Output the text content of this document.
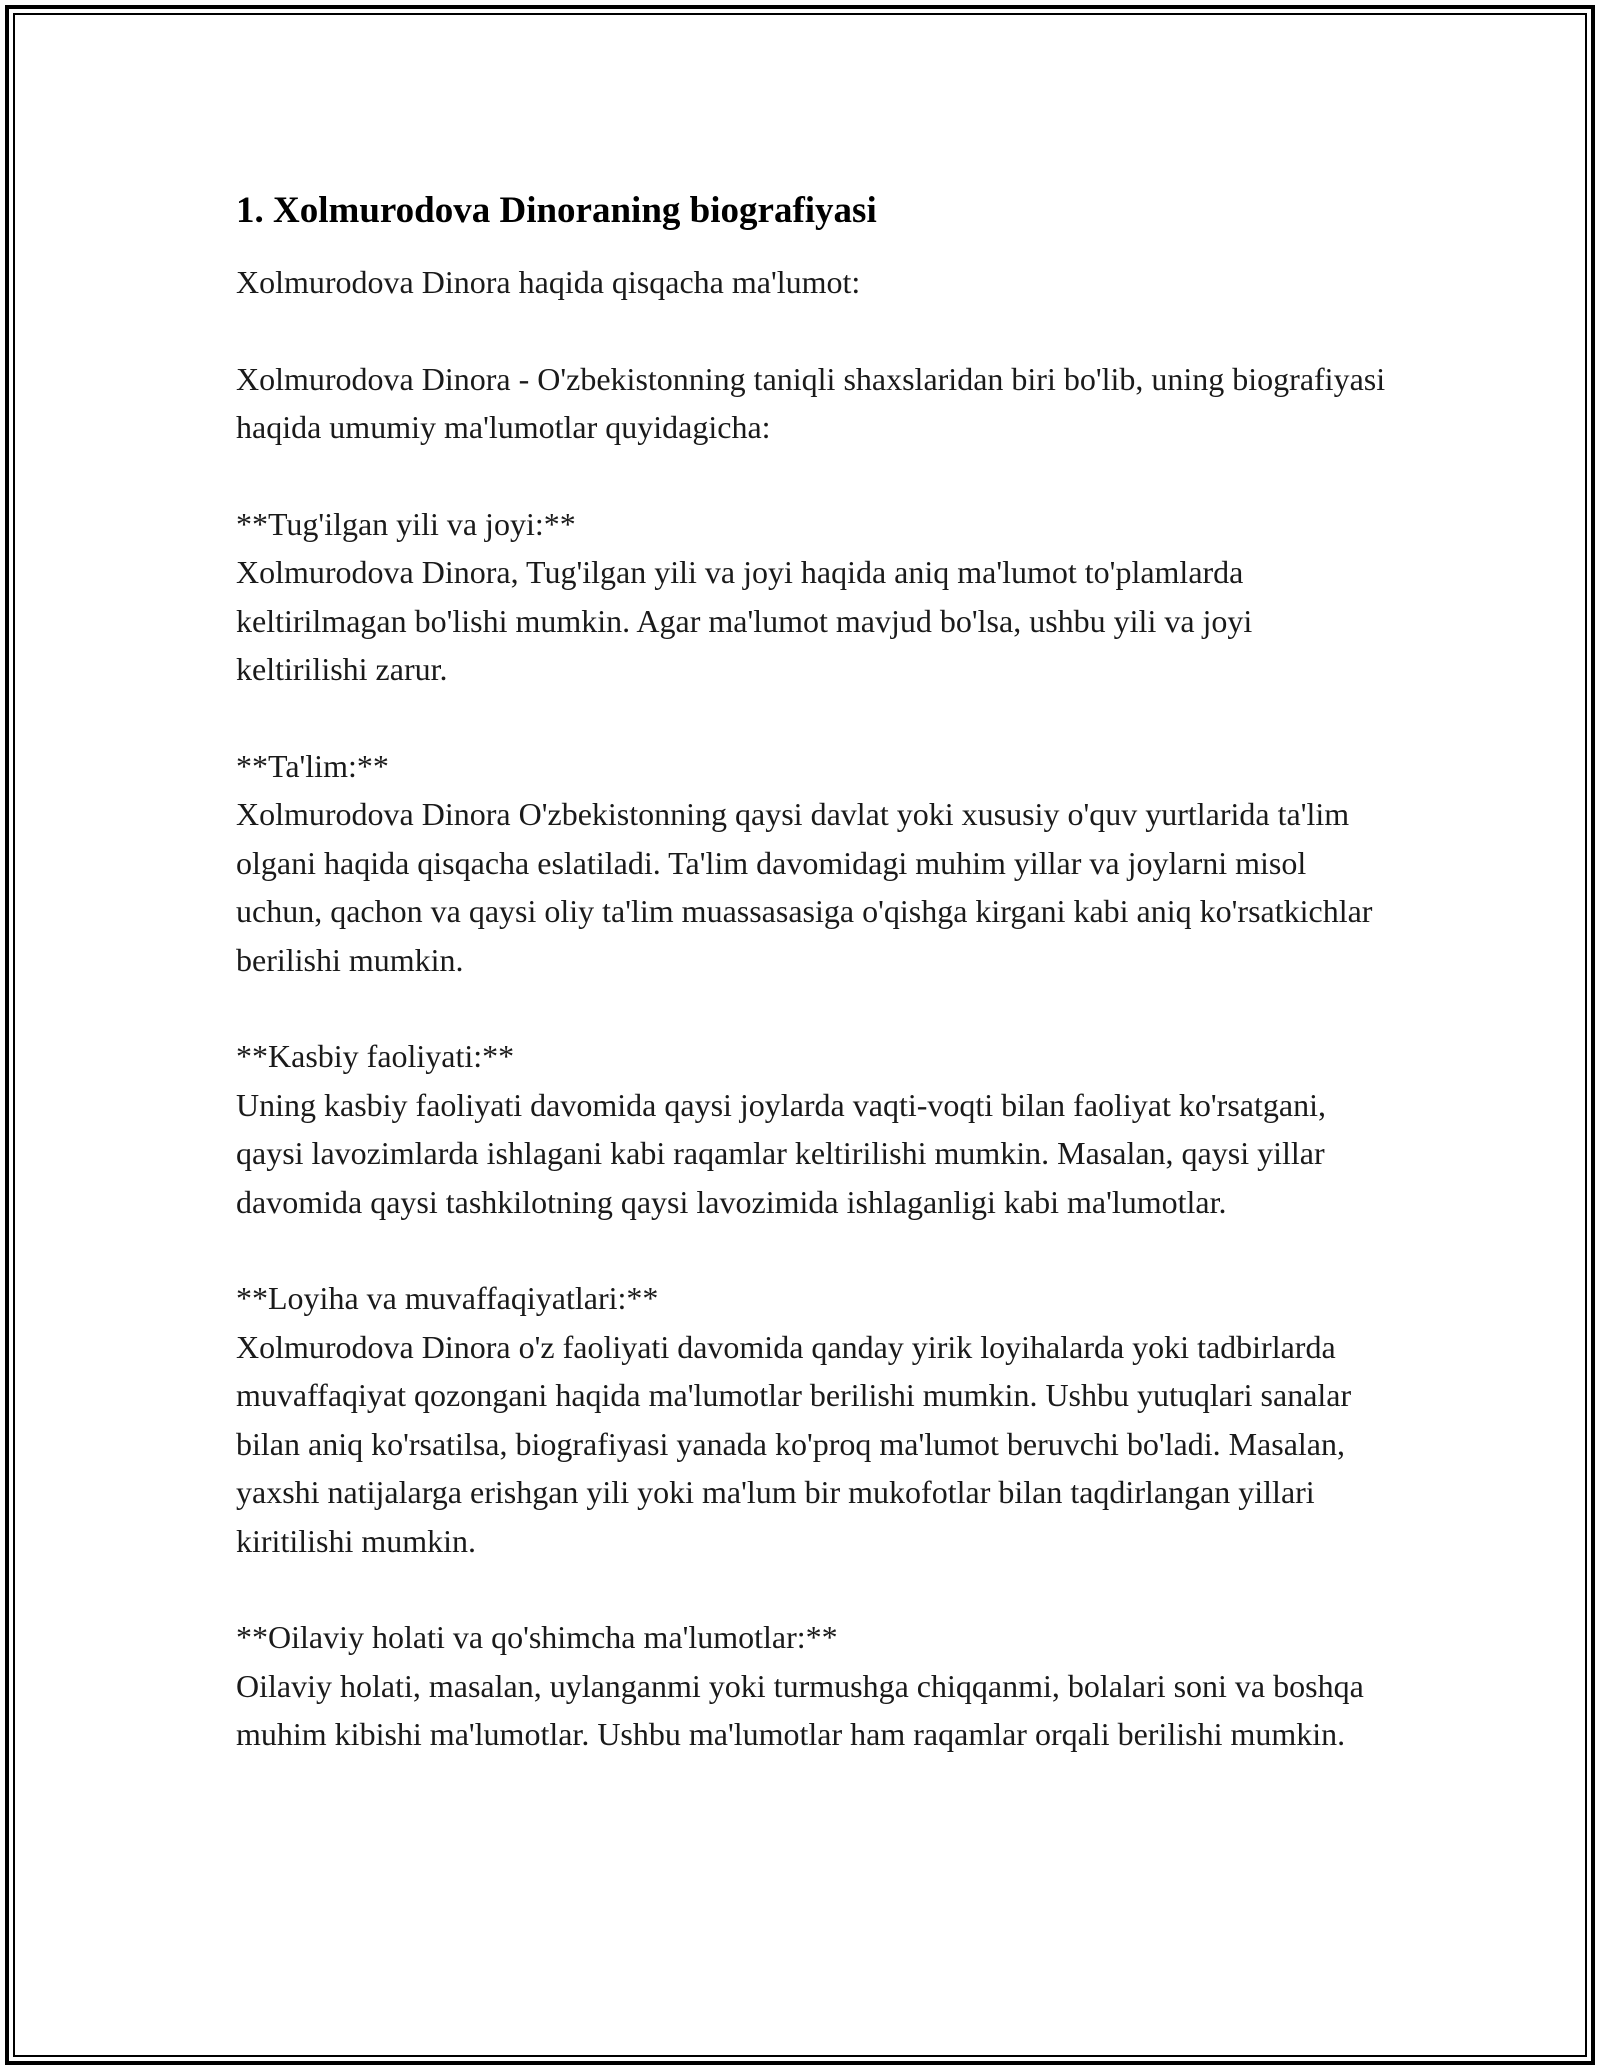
1. Xolmurodova Dinoraning biografiyasi

Xolmurodova Dinora haqida qisqacha ma'lumot:

Xolmurodova Dinora - O'zbekistonning taniqli shaxslaridan biri bo'lib, uning biografiyasi haqida umumiy ma'lumotlar quyidagicha:

**Tug'ilgan yili va joyi:**

Xolmurodova Dinora, Tug'ilgan yili va joyi haqida aniq ma'lumot to'plamlarda keltirilmagan bo'lishi mumkin. Agar ma'lumot mavjud bo'lsa, ushbu yili va joyi keltirilishi zarur.

**Ta'lim:**

Xolmurodova Dinora O'zbekistonning qaysi davlat yoki xususiy o'quv yurtlarida ta'lim olgani haqida qisqacha eslatiladi. Ta'lim davomidagi muhim yillar va joylarni misol uchun, qachon va qaysi oliy ta'lim muassasasiga o'qishga kirgani kabi aniq ko'rsatkichlar berilishi mumkin.

**Kasbiy faoliyati:**

Uning kasbiy faoliyati davomida qaysi joylarda vaqti-voqti bilan faoliyat ko'rsatgani, qaysi lavozimlarda ishlagani kabi raqamlar keltirilishi mumkin. Masalan, qaysi yillar davomida qaysi tashkilotning qaysi lavozimida ishlaganligi kabi ma'lumotlar.

**Loyiha va muvaffaqiyatlari:**

Xolmurodova Dinora o'z faoliyati davomida qanday yirik loyihalarda yoki tadbirlarda muvaffaqiyat qozongani haqida ma'lumotlar berilishi mumkin. Ushbu yutuqlari sanalar bilan aniq ko'rsatilsa, biografiyasi yanada ko'proq ma'lumot beruvchi bo'ladi. Masalan, yaxshi natijalarga erishgan yili yoki ma'lum bir mukofotlar bilan taqdirlangan yillari kiritilishi mumkin.

**Oilaviy holati va qo'shimcha ma'lumotlar:**

Oilaviy holati, masalan, uylanganmi yoki turmushga chiqqanmi, bolalari soni va boshqa muhim kibishi ma'lumotlar. Ushbu ma'lumotlar ham raqamlar orqali berilishi mumkin.
